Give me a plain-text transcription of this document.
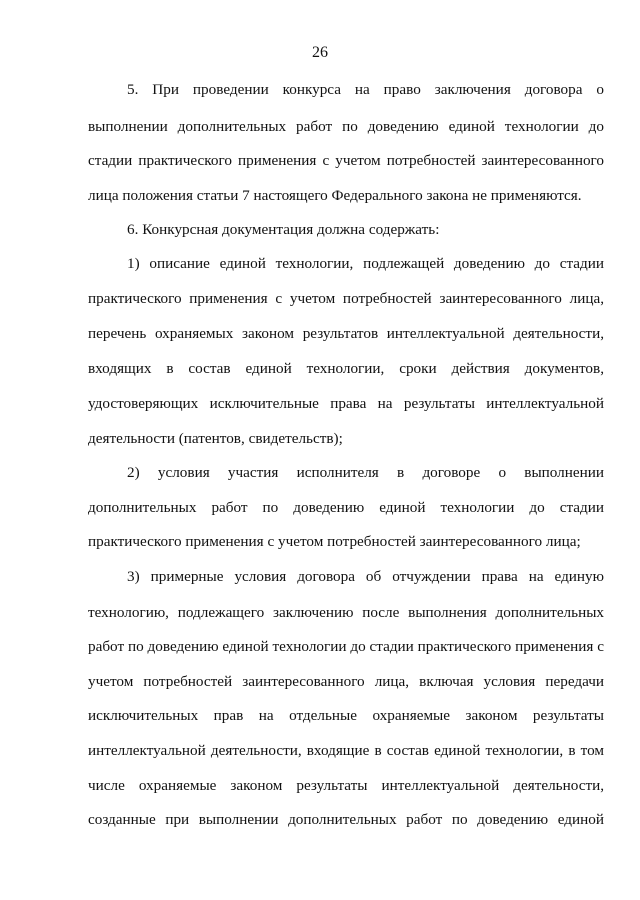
26
5. При проведении конкурса на право заключения договора о
выполнении дополнительных работ по доведению единой технологии до
стадии практического применения с учетом потребностей заинтересованного
лица положения статьи 7 настоящего Федерального закона не применяются.
6. Конкурсная документация должна содержать:
1) описание единой технологии, подлежащей доведению до стадии
практического применения с учетом потребностей заинтересованного лица,
перечень охраняемых законом результатов интеллектуальной деятельности,
входящих в состав единой технологии, сроки действия документов,
удостоверяющих исключительные права на результаты интеллектуальной
деятельности (патентов, свидетельств);
2) условия участия исполнителя в договоре о выполнении
дополнительных работ по доведению единой технологии до стадии
практического применения с учетом потребностей заинтересованного лица;
3) примерные условия договора об отчуждении права на единую
технологию, подлежащего заключению после выполнения дополнительных
работ по доведению единой технологии до стадии практического применения с
учетом потребностей заинтересованного лица, включая условия передачи
исключительных прав на отдельные охраняемые законом результаты
интеллектуальной деятельности, входящие в состав единой технологии, в том
числе охраняемые законом результаты интеллектуальной деятельности,
созданные при выполнении дополнительных работ по доведению единой
